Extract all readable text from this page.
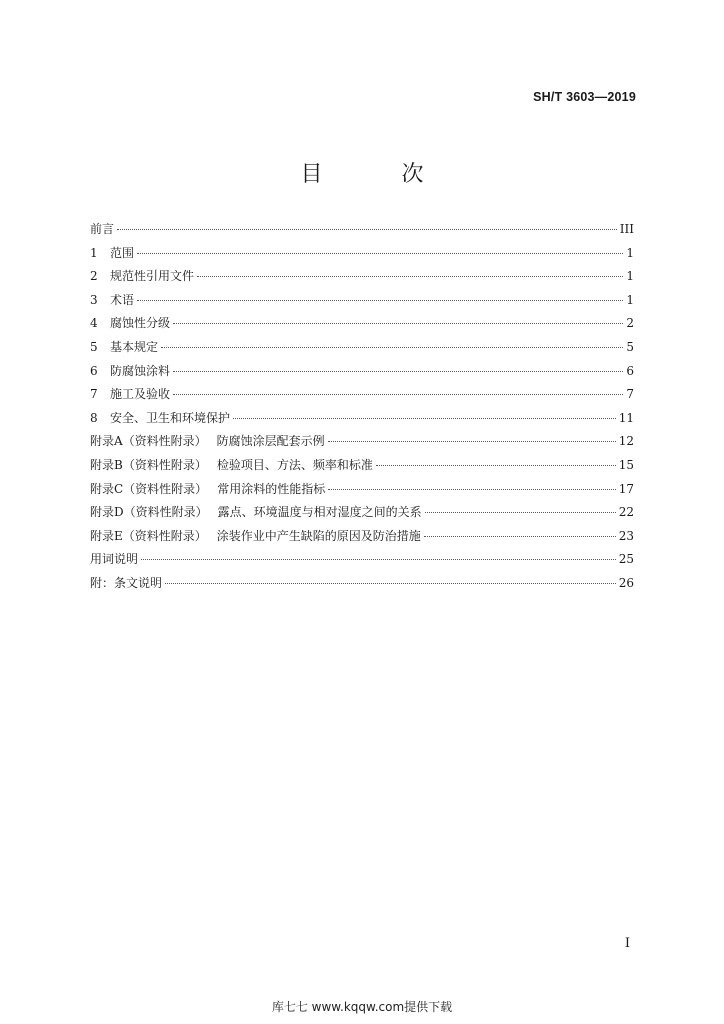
SH/T 3603—2019
目 次
前言	III
1	范围	1
2	规范性引用文件	1
3	术语	1
4	腐蚀性分级	2
5	基本规定	5
6	防腐蚀涂料	6
7	施工及验收	7
8	安全、卫生和环境保护	11
附录A（资料性附录） 防腐蚀涂层配套示例	12
附录B（资料性附录） 检验项目、方法、频率和标准	15
附录C（资料性附录） 常用涂料的性能指标	17
附录D（资料性附录） 露点、环境温度与相对湿度之间的关系	22
附录E（资料性附录） 涂装作业中产生缺陷的原因及防治措施	23
用词说明	25
附：条文说明	26
I
库七七 www.kqqw.com提供下载
